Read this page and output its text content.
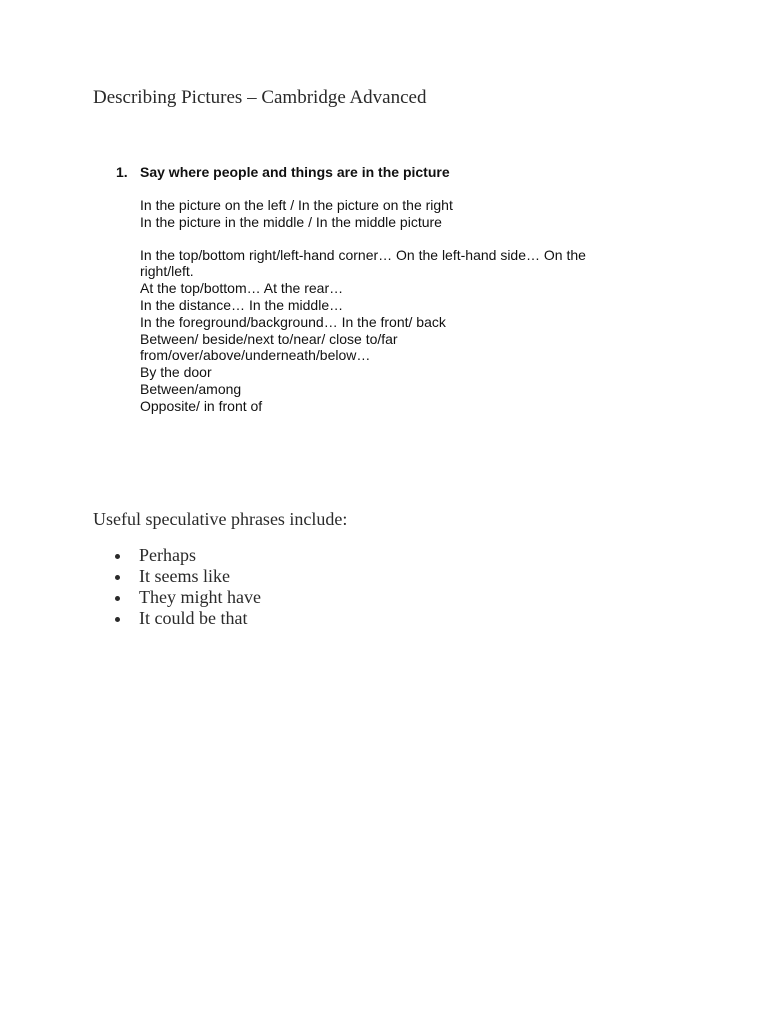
Describing Pictures – Cambridge Advanced
1. Say where people and things are in the picture
In the picture on the left / In the picture on the right
In the picture in the middle / In the middle picture
In the top/bottom right/left-hand corner… On the left-hand side… On the
right/left.
At the top/bottom… At the rear…
In the distance… In the middle…
In the foreground/background… In the front/ back
Between/ beside/next to/near/ close to/far
from/over/above/underneath/below…
By the door
Between/among
Opposite/ in front of
Useful speculative phrases include:
Perhaps
It seems like
They might have
It could be that
